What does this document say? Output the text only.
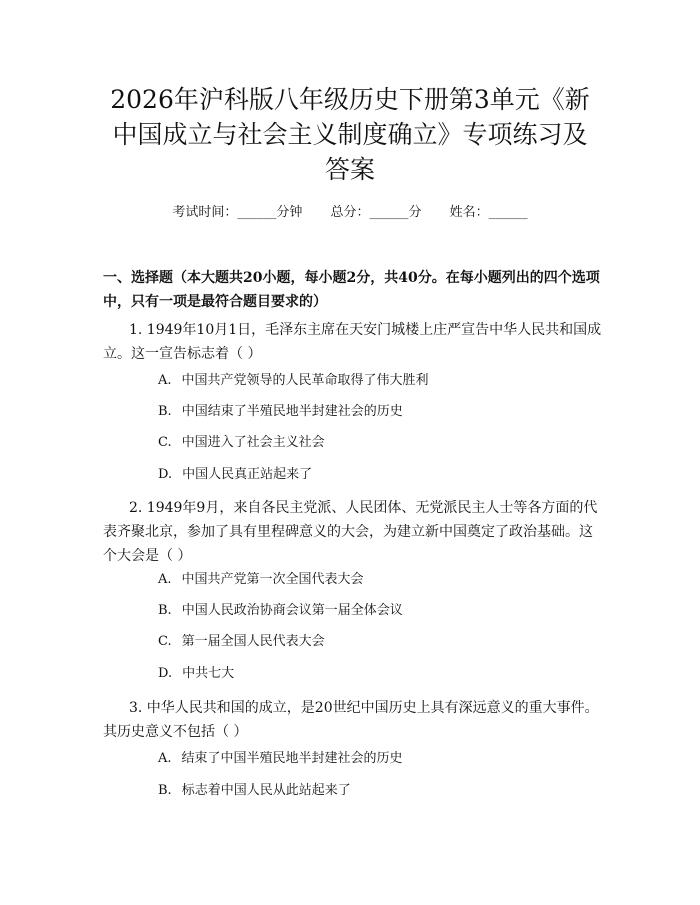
2026年沪科版八年级历史下册第3单元《新
中国成立与社会主义制度确立》专项练习及
答案
考试时间：______分钟 总分：______分 姓名：______

一、选择题（本大题共20小题，每小题2分，共40分。在每小题列出的四个选项中，只有一项是最符合题目要求的）

1. 1949年10月1日，毛泽东主席在天安门城楼上庄严宣告中华人民共和国成立。这一宣告标志着（ ）

A. 中国共产党领导的人民革命取得了伟大胜利

B. 中国结束了半殖民地半封建社会的历史

C. 中国进入了社会主义社会

D. 中国人民真正站起来了

2. 1949年9月，来自各民主党派、人民团体、无党派民主人士等各方面的代表齐聚北京，参加了具有里程碑意义的大会，为建立新中国奠定了政治基础。这个大会是（ ）

A. 中国共产党第一次全国代表大会

B. 中国人民政治协商会议第一届全体会议

C. 第一届全国人民代表大会

D. 中共七大

3. 中华人民共和国的成立，是20世纪中国历史上具有深远意义的重大事件。其历史意义不包括（ ）

A. 结束了中国半殖民地半封建社会的历史

B. 标志着中国人民从此站起来了
